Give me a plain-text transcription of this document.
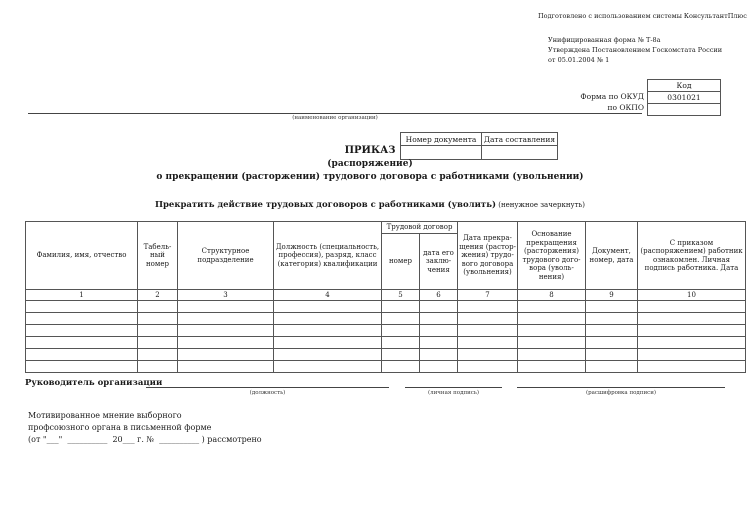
Подготовлено с использованием системы КонсультантПлюс
Унифицированная форма № Т-8а
Утверждена Постановлением Госкомстата России
от 05.01.2004 № 1
Форма по ОКУД
по ОКПО
Код
0301021

(наименование организации)
Номер документа	Дата составления

ПРИКАЗ
(распоряжение)
о прекращении (расторжении) трудового договора с работниками (увольнении)
Прекратить действие трудовых договоров с работниками (уволить) (ненужное зачеркнуть)
Фамилия, имя, отчество	Табель-ный номер	Структурное подразделение	Должность (специальность, профессия), разряд, класс (категория) квалификации	Трудовой договор		Дата прекра-щения (растор-жения) трудо-вого договора (увольнения)	Основание прекращения (расторжения) трудового дого-вора (уволь-нения)	Документ, номер, дата	С приказом (распоряжением) работник ознакомлен. Личная подпись работника. Дата
				номер	дата его заклю-чения				
1	2	3	4	5	6	7	8	9	10

Руководитель организации
(должность)	(личная подпись)	(расшифровка подписи)
Мотивированное мнение выборного
профсоюзного органа в письменной форме
(от "___"  __________  20___ г. №  __________ ) рассмотрено
